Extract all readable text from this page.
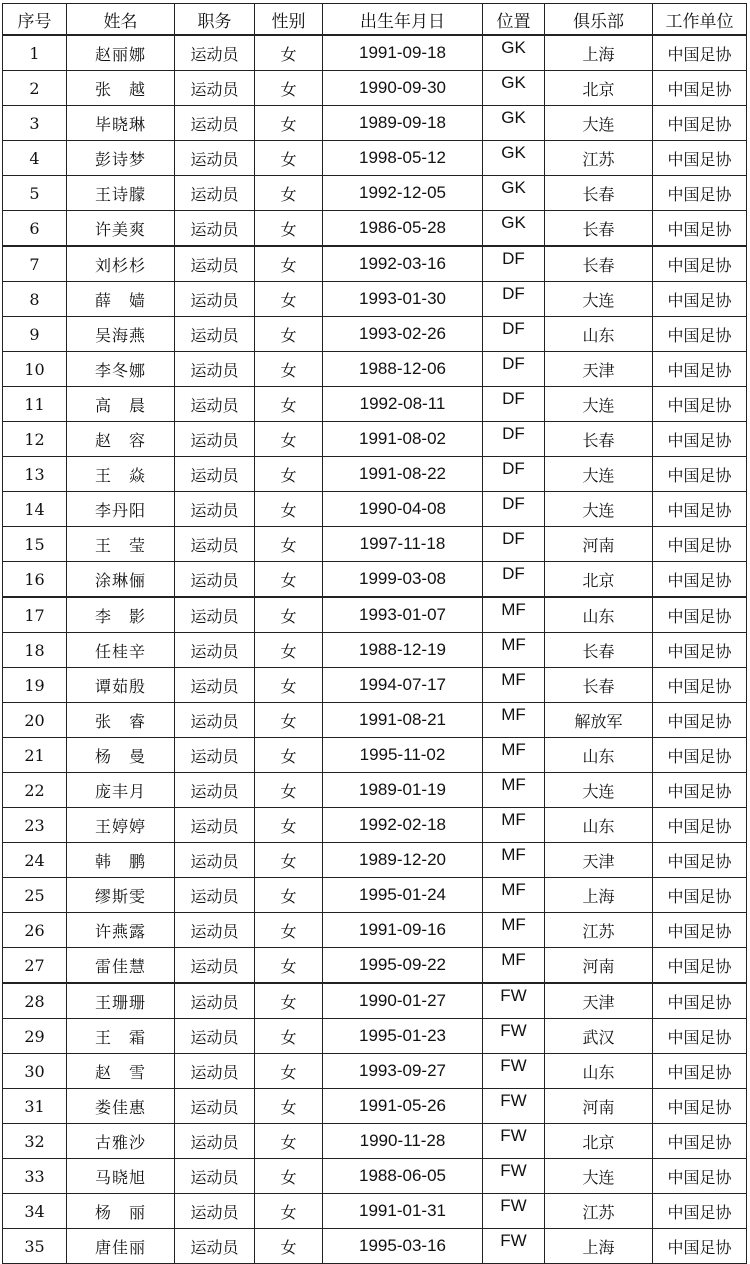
序号	姓名	职务	性别	出生年月日	位置	俱乐部	工作单位
1	赵丽娜	运动员	女	1991-09-18	GK	上海	中国足协
2	张　越	运动员	女	1990-09-30	GK	北京	中国足协
3	毕晓琳	运动员	女	1989-09-18	GK	大连	中国足协
4	彭诗梦	运动员	女	1998-05-12	GK	江苏	中国足协
5	王诗朦	运动员	女	1992-12-05	GK	长春	中国足协
6	许美爽	运动员	女	1986-05-28	GK	长春	中国足协
7	刘杉杉	运动员	女	1992-03-16	DF	长春	中国足协
8	薛　嫱	运动员	女	1993-01-30	DF	大连	中国足协
9	吴海燕	运动员	女	1993-02-26	DF	山东	中国足协
10	李冬娜	运动员	女	1988-12-06	DF	天津	中国足协
11	高　晨	运动员	女	1992-08-11	DF	大连	中国足协
12	赵　容	运动员	女	1991-08-02	DF	长春	中国足协
13	王　焱	运动员	女	1991-08-22	DF	大连	中国足协
14	李丹阳	运动员	女	1990-04-08	DF	大连	中国足协
15	王　莹	运动员	女	1997-11-18	DF	河南	中国足协
16	涂琳俪	运动员	女	1999-03-08	DF	北京	中国足协
17	李　影	运动员	女	1993-01-07	MF	山东	中国足协
18	任桂辛	运动员	女	1988-12-19	MF	长春	中国足协
19	谭茹殷	运动员	女	1994-07-17	MF	长春	中国足协
20	张　睿	运动员	女	1991-08-21	MF	解放军	中国足协
21	杨　曼	运动员	女	1995-11-02	MF	山东	中国足协
22	庞丰月	运动员	女	1989-01-19	MF	大连	中国足协
23	王婷婷	运动员	女	1992-02-18	MF	山东	中国足协
24	韩　鹏	运动员	女	1989-12-20	MF	天津	中国足协
25	缪斯雯	运动员	女	1995-01-24	MF	上海	中国足协
26	许燕露	运动员	女	1991-09-16	MF	江苏	中国足协
27	雷佳慧	运动员	女	1995-09-22	MF	河南	中国足协
28	王珊珊	运动员	女	1990-01-27	FW	天津	中国足协
29	王　霜	运动员	女	1995-01-23	FW	武汉	中国足协
30	赵　雪	运动员	女	1993-09-27	FW	山东	中国足协
31	娄佳惠	运动员	女	1991-05-26	FW	河南	中国足协
32	古雅沙	运动员	女	1990-11-28	FW	北京	中国足协
33	马晓旭	运动员	女	1988-06-05	FW	大连	中国足协
34	杨　丽	运动员	女	1991-01-31	FW	江苏	中国足协
35	唐佳丽	运动员	女	1995-03-16	FW	上海	中国足协
